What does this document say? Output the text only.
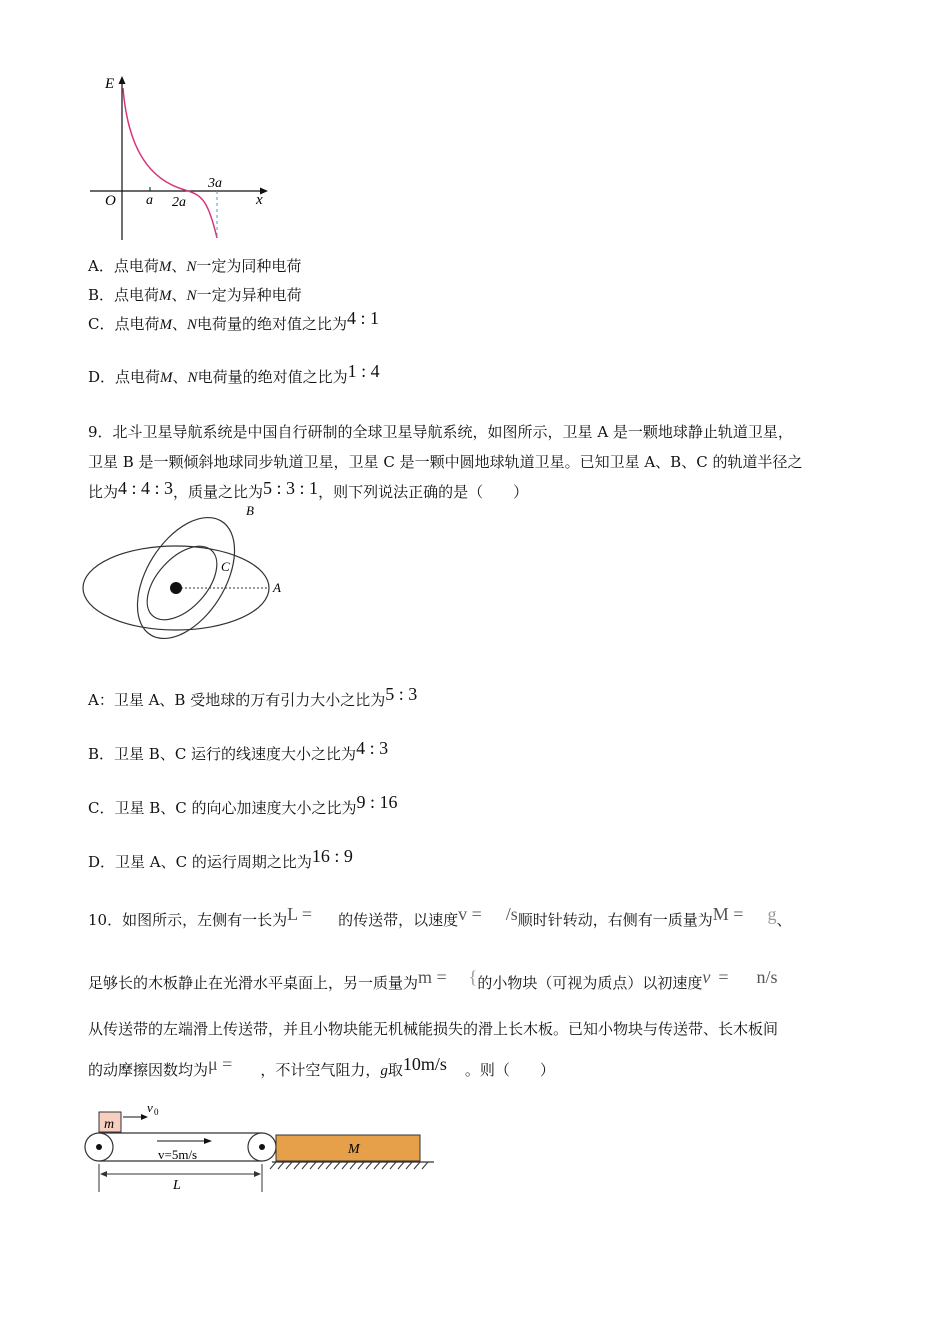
E
x
O a 2a
3a
A．点电荷M、N一定为同种电荷
B．点电荷M、N一定为异种电荷
C．点电荷M、N电荷量的绝对值之比为4 : 1
D．点电荷M、N电荷量的绝对值之比为1 : 4
9．北斗卫星导航系统是中国自行研制的全球卫星导航系统，如图所示，卫星 A 是一颗地球静止轨道卫星，
卫星 B 是一颗倾斜地球同步轨道卫星，卫星 C 是一颗中圆地球轨道卫星。已知卫星 A、B、C 的轨道半径之
比为4 : 4 : 3，质量之比为5 : 3 : 1，则下列说法正确的是（　　）
B
C
A
A：卫星 A、B 受地球的万有引力大小之比为5 : 3
B．卫星 B、C 运行的线速度大小之比为4 : 3
C．卫星 B、C 的向心加速度大小之比为9 : 16
D．卫星 A、C 的运行周期之比为16 : 9
10．如图所示，左侧有一长为L = 的传送带，以速度v = /s顺时针转动，右侧有一质量为M = g、
足够长的木板静止在光滑水平桌面上，另一质量为m = {的小物块（可视为质点）以初速度v = n/s
从传送带的左端滑上传送带，并且小物块能无机械能损失的滑上长木板。已知小物块与传送带、长木板间
的动摩擦因数均为μ = ，不计空气阻力，g取10m/s 。则（　　）
m
v 0
v=5m/s
L
M
